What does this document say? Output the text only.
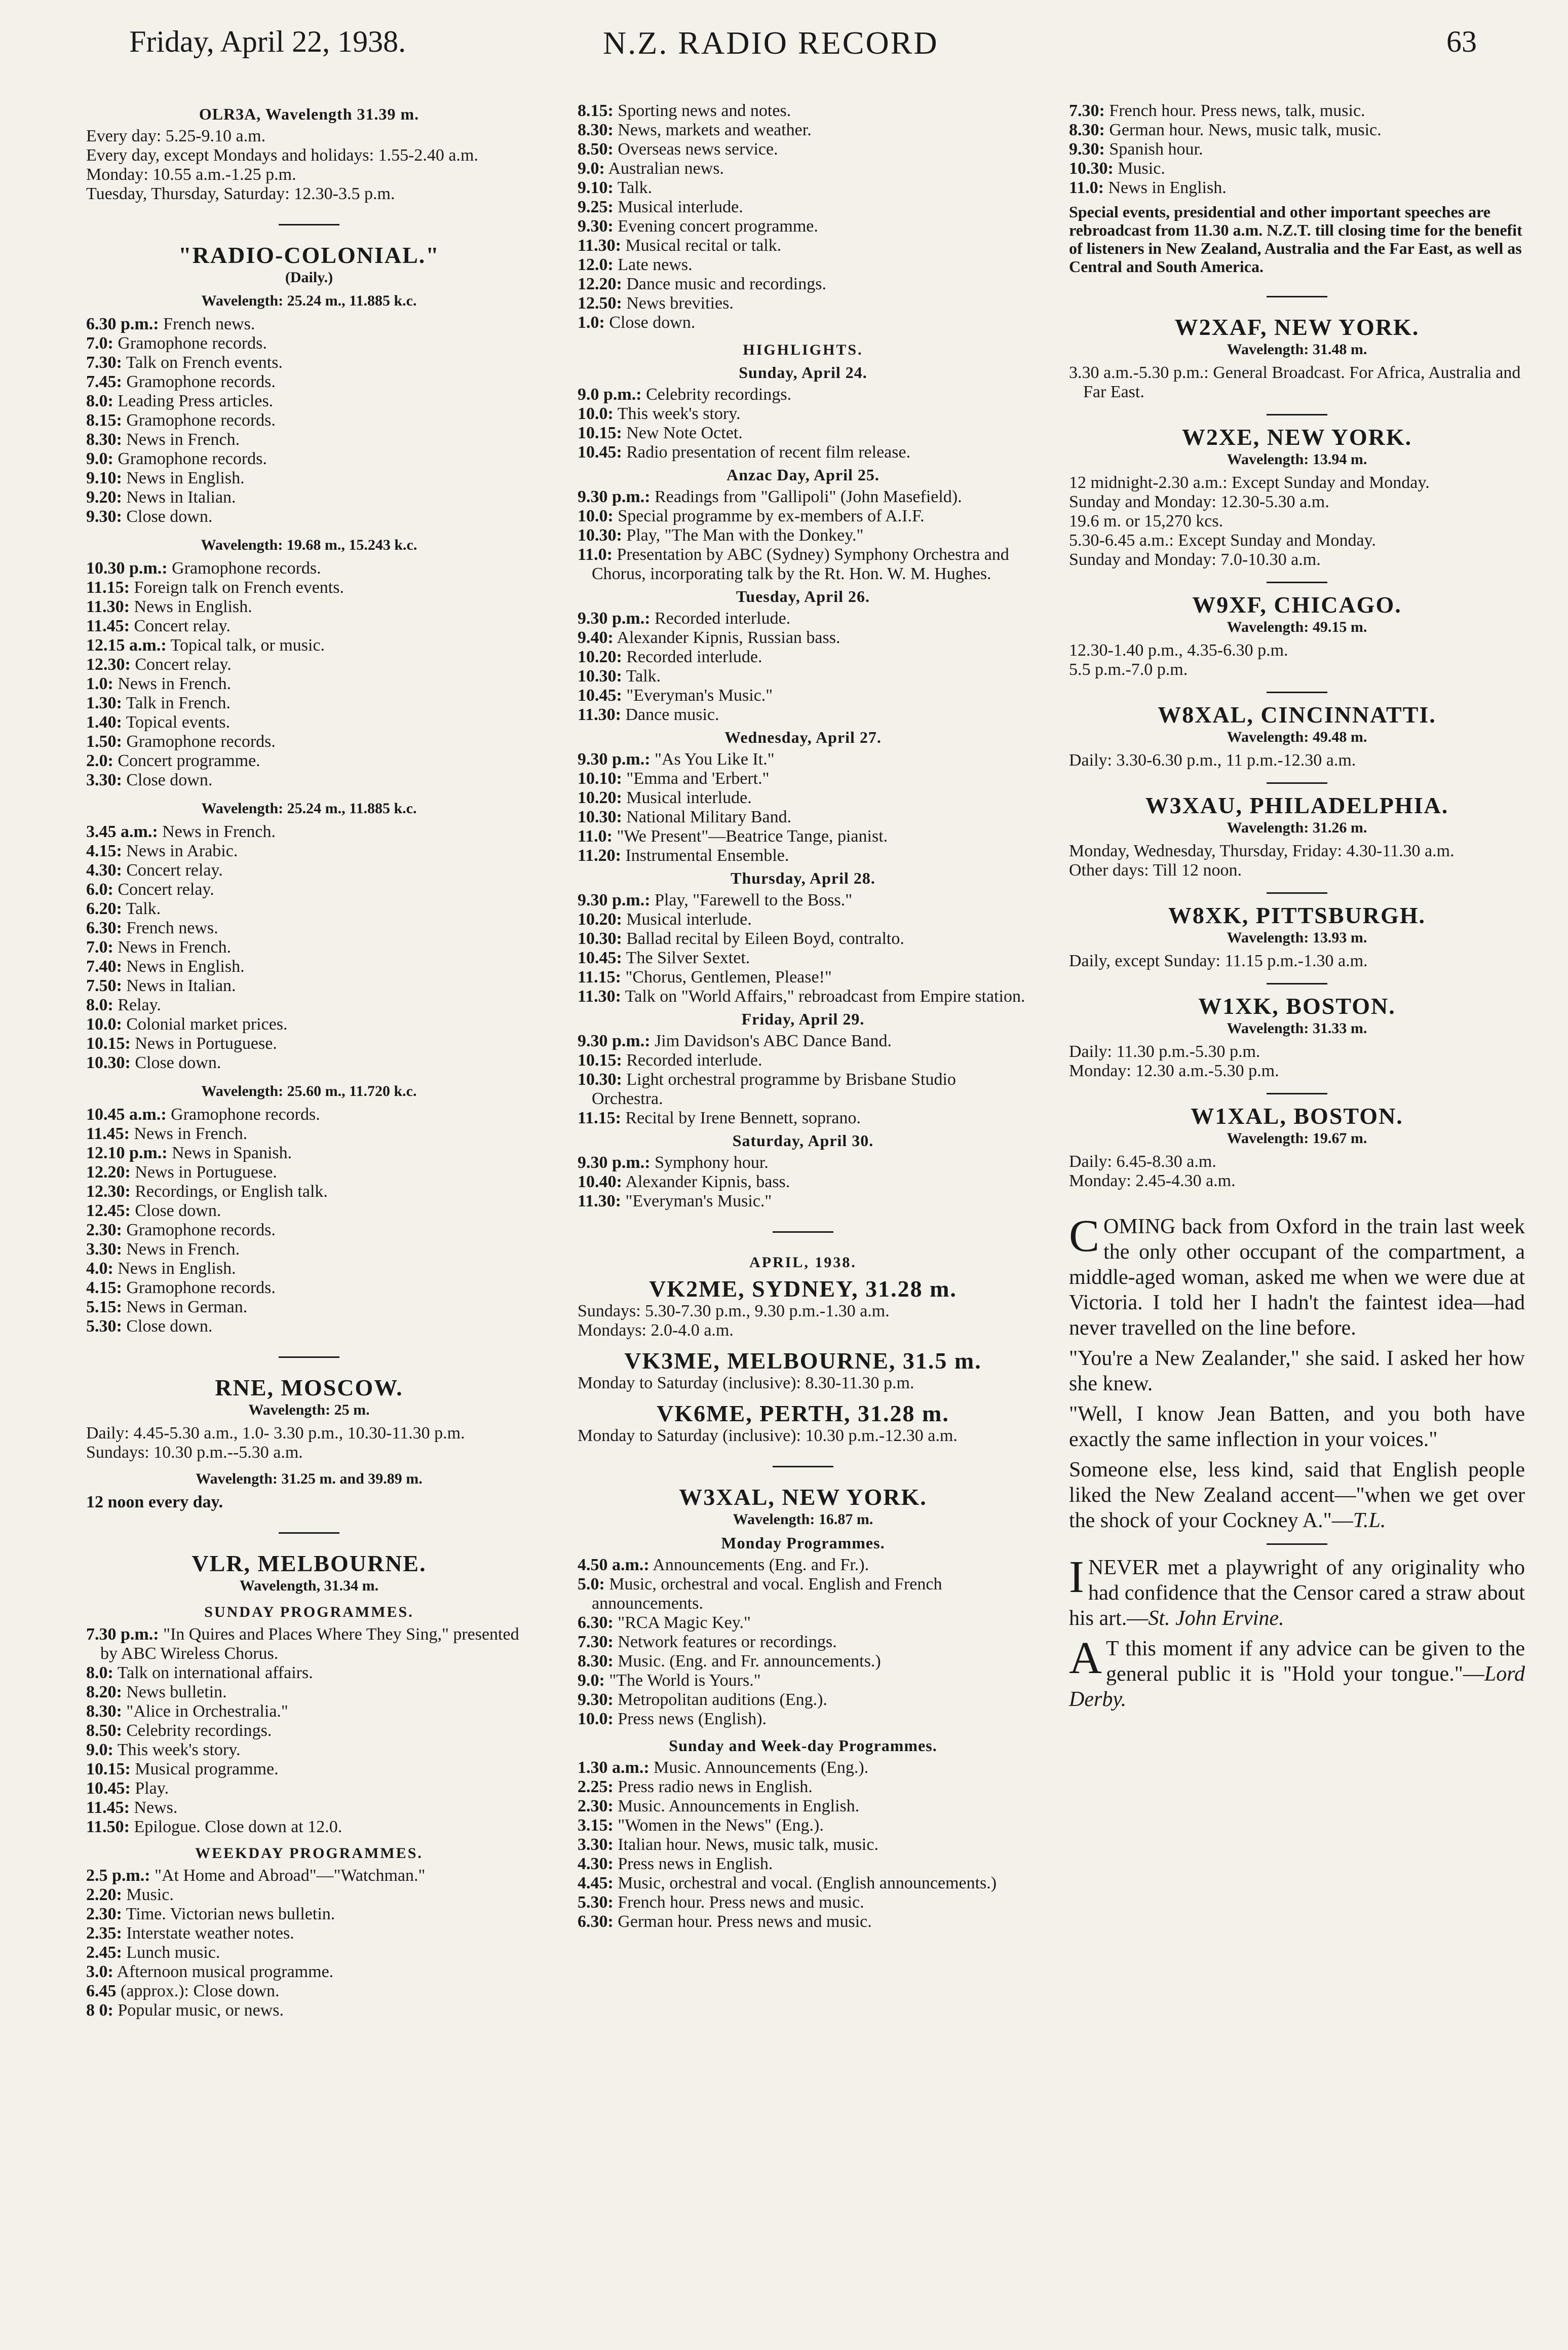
Friday, April 22, 1938.	N.Z. RADIO RECORD	63
OLR3A, Wavelength 31.39 m.
Every day: 5.25-9.10 a.m.
Every day, except Mondays and holidays: 1.55-2.40 a.m.
Monday: 10.55 a.m.-1.25 p.m.
Tuesday, Thursday, Saturday: 12.30-3.5 p.m.
"RADIO-COLONIAL."
(Daily.)
Wavelength: 25.24 m., 11.885 k.c.
6.30 p.m.: French news.
7.0: Gramophone records.
7.30: Talk on French events.
7.45: Gramophone records.
8.0: Leading Press articles.
8.15: Gramophone records.
8.30: News in French.
9.0: Gramophone records.
9.10: News in English.
9.20: News in Italian.
9.30: Close down.
Wavelength: 19.68 m., 15.243 k.c.
10.30 p.m.: Gramophone records.
11.15: Foreign talk on French events.
11.30: News in English.
11.45: Concert relay.
12.15 a.m.: Topical talk, or music.
12.30: Concert relay.
1.0: News in French.
1.30: Talk in French.
1.40: Topical events.
1.50: Gramophone records.
2.0: Concert programme.
3.30: Close down.
Wavelength: 25.24 m., 11.885 k.c.
3.45 a.m.: News in French.
4.15: News in Arabic.
4.30: Concert relay.
6.0: Concert relay.
6.20: Talk.
6.30: French news.
7.0: News in French.
7.40: News in English.
7.50: News in Italian.
8.0: Relay.
10.0: Colonial market prices.
10.15: News in Portuguese.
10.30: Close down.
Wavelength: 25.60 m., 11.720 k.c.
10.45 a.m.: Gramophone records.
11.45: News in French.
12.10 p.m.: News in Spanish.
12.20: News in Portuguese.
12.30: Recordings, or English talk.
12.45: Close down.
2.30: Gramophone records.
3.30: News in French.
4.0: News in English.
4.15: Gramophone records.
5.15: News in German.
5.30: Close down.
RNE, MOSCOW.
Wavelength: 25 m.
Daily: 4.45-5.30 a.m., 1.0- 3.30 p.m., 10.30-11.30 p.m.
Sundays: 10.30 p.m.--5.30 a.m.
Wavelength: 31.25 m. and 39.89 m.
12 noon every day.
VLR, MELBOURNE.
Wavelength, 31.34 m.
SUNDAY PROGRAMMES.
7.30 p.m.: "In Quires and Places Where They Sing," presented by ABC Wireless Chorus.
8.0: Talk on international affairs.
8.20: News bulletin.
8.30: "Alice in Orchestralia."
8.50: Celebrity recordings.
9.0: This week's story.
10.15: Musical programme.
10.45: Play.
11.45: News.
11.50: Epilogue. Close down at 12.0.
WEEKDAY PROGRAMMES.
2.5 p.m.: "At Home and Abroad"—"Watchman."
2.20: Music.
2.30: Time. Victorian news bulletin.
2.35: Interstate weather notes.
2.45: Lunch music.
3.0: Afternoon musical programme.
6.45 (approx.): Close down.
8 0: Popular music, or news.
8.15: Sporting news and notes.
8.30: News, markets and weather.
8.50: Overseas news service.
9.0: Australian news.
9.10: Talk.
9.25: Musical interlude.
9.30: Evening concert programme.
11.30: Musical recital or talk.
12.0: Late news.
12.20: Dance music and recordings.
12.50: News brevities.
1.0: Close down.
HIGHLIGHTS.
Sunday, April 24.
9.0 p.m.: Celebrity recordings.
10.0: This week's story.
10.15: New Note Octet.
10.45: Radio presentation of recent film release.
Anzac Day, April 25.
9.30 p.m.: Readings from "Gallipoli" (John Masefield).
10.0: Special programme by ex-members of A.I.F.
10.30: Play, "The Man with the Donkey."
11.0: Presentation by ABC (Sydney) Symphony Orchestra and Chorus, incorporating talk by the Rt. Hon. W. M. Hughes.
Tuesday, April 26.
9.30 p.m.: Recorded interlude.
9.40: Alexander Kipnis, Russian bass.
10.20: Recorded interlude.
10.30: Talk.
10.45: "Everyman's Music."
11.30: Dance music.
Wednesday, April 27.
9.30 p.m.: "As You Like It."
10.10: "Emma and 'Erbert."
10.20: Musical interlude.
10.30: National Military Band.
11.0: "We Present"—Beatrice Tange, pianist.
11.20: Instrumental Ensemble.
Thursday, April 28.
9.30 p.m.: Play, "Farewell to the Boss."
10.20: Musical interlude.
10.30: Ballad recital by Eileen Boyd, contralto.
10.45: The Silver Sextet.
11.15: "Chorus, Gentlemen, Please!"
11.30: Talk on "World Affairs," rebroadcast from Empire station.
Friday, April 29.
9.30 p.m.: Jim Davidson's ABC Dance Band.
10.15: Recorded interlude.
10.30: Light orchestral programme by Brisbane Studio Orchestra.
11.15: Recital by Irene Bennett, soprano.
Saturday, April 30.
9.30 p.m.: Symphony hour.
10.40: Alexander Kipnis, bass.
11.30: "Everyman's Music."
APRIL, 1938.
VK2ME, SYDNEY, 31.28 m.
Sundays: 5.30-7.30 p.m., 9.30 p.m.-1.30 a.m.
Mondays: 2.0-4.0 a.m.
VK3ME, MELBOURNE, 31.5 m.
Monday to Saturday (inclusive): 8.30-11.30 p.m.
VK6ME, PERTH, 31.28 m.
Monday to Saturday (inclusive): 10.30 p.m.-12.30 a.m.
W3XAL, NEW YORK.
Wavelength: 16.87 m.
Monday Programmes.
4.50 a.m.: Announcements (Eng. and Fr.).
5.0: Music, orchestral and vocal. English and French announcements.
6.30: "RCA Magic Key."
7.30: Network features or recordings.
8.30: Music. (Eng. and Fr. announcements.)
9.0: "The World is Yours."
9.30: Metropolitan auditions (Eng.).
10.0: Press news (English).
Sunday and Week-day Programmes.
1.30 a.m.: Music. Announcements (Eng.).
2.25: Press radio news in English.
2.30: Music. Announcements in English.
3.15: "Women in the News" (Eng.).
3.30: Italian hour. News, music talk, music.
4.30: Press news in English.
4.45: Music, orchestral and vocal. (English announcements.)
5.30: French hour. Press news and music.
6.30: German hour. Press news and music.
7.30: French hour. Press news, talk, music.
8.30: German hour. News, music talk, music.
9.30: Spanish hour.
10.30: Music.
11.0: News in English.
Special events, presidential and other important speeches are rebroadcast from 11.30 a.m. N.Z.T. till closing time for the benefit of listeners in New Zealand, Australia and the Far East, as well as Central and South America.
W2XAF, NEW YORK.
Wavelength: 31.48 m.
3.30 a.m.-5.30 p.m.: General Broadcast. For Africa, Australia and Far East.
W2XE, NEW YORK.
Wavelength: 13.94 m.
12 midnight-2.30 a.m.: Except Sunday and Monday.
Sunday and Monday: 12.30-5.30 a.m.
19.6 m. or 15,270 kcs.
5.30-6.45 a.m.: Except Sunday and Monday.
Sunday and Monday: 7.0-10.30 a.m.
W9XF, CHICAGO.
Wavelength: 49.15 m.
12.30-1.40 p.m., 4.35-6.30 p.m.
5.5 p.m.-7.0 p.m.
W8XAL, CINCINNATTI.
Wavelength: 49.48 m.
Daily: 3.30-6.30 p.m., 11 p.m.-12.30 a.m.
W3XAU, PHILADELPHIA.
Wavelength: 31.26 m.
Monday, Wednesday, Thursday, Friday: 4.30-11.30 a.m.
Other days: Till 12 noon.
W8XK, PITTSBURGH.
Wavelength: 13.93 m.
Daily, except Sunday: 11.15 p.m.-1.30 a.m.
W1XK, BOSTON.
Wavelength: 31.33 m.
Daily: 11.30 p.m.-5.30 p.m.
Monday: 12.30 a.m.-5.30 p.m.
W1XAL, BOSTON.
Wavelength: 19.67 m.
Daily: 6.45-8.30 a.m.
Monday: 2.45-4.30 a.m.

COMING back from Oxford in the train last week the only other occupant of the compartment, a middle-aged woman, asked me when we were due at Victoria. I told her I hadn't the faintest idea—had never travelled on the line before.

"You're a New Zealander," she said. I asked her how she knew.

"Well, I know Jean Batten, and you both have exactly the same inflection in your voices."

Someone else, less kind, said that English people liked the New Zealand accent—"when we get over the shock of your Cockney A."—T.L.

I NEVER met a playwright of any originality who had confidence that the Censor cared a straw about his art.—St. John Ervine.

A T this moment if any advice can be given to the general public it is "Hold your tongue."—Lord Derby.
